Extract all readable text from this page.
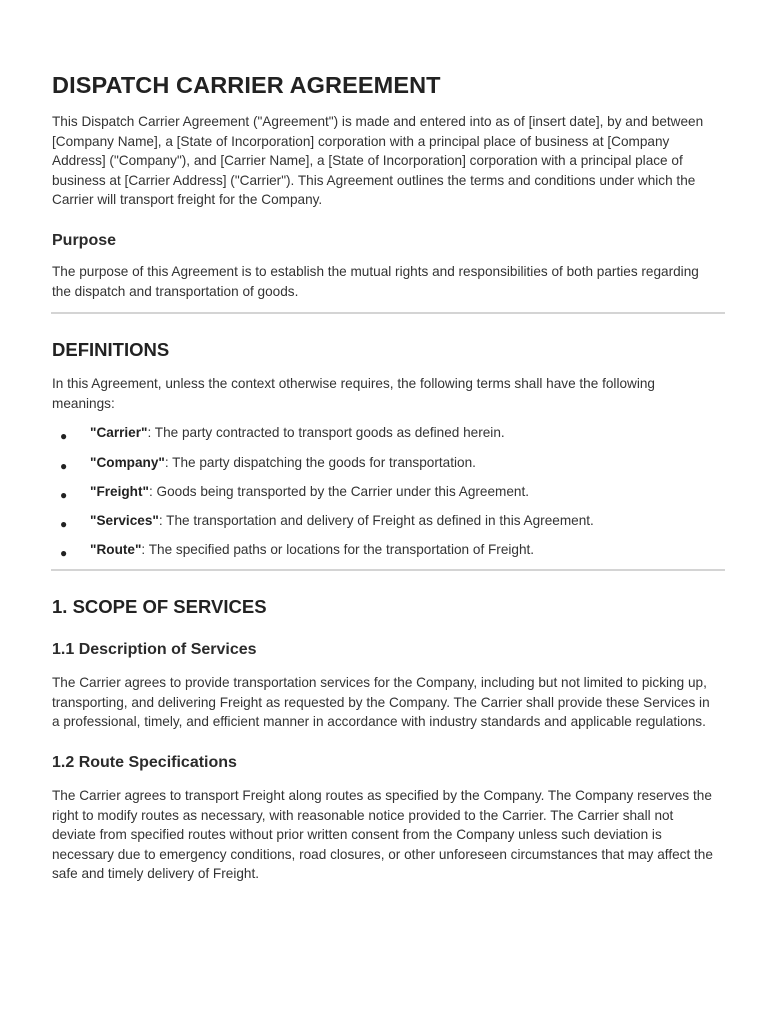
DISPATCH CARRIER AGREEMENT

This Dispatch Carrier Agreement ("Agreement") is made and entered into as of [insert date], by and between [Company Name], a [State of Incorporation] corporation with a principal place of business at [Company Address] ("Company"), and [Carrier Name], a [State of Incorporation] corporation with a principal place of business at [Carrier Address] ("Carrier"). This Agreement outlines the terms and conditions under which the Carrier will transport freight for the Company.

Purpose

The purpose of this Agreement is to establish the mutual rights and responsibilities of both parties regarding the dispatch and transportation of goods.

DEFINITIONS

In this Agreement, unless the context otherwise requires, the following terms shall have the following meanings:

● "Carrier": The party contracted to transport goods as defined herein.
● "Company": The party dispatching the goods for transportation.
● "Freight": Goods being transported by the Carrier under this Agreement.
● "Services": The transportation and delivery of Freight as defined in this Agreement.
● "Route": The specified paths or locations for the transportation of Freight.
1. SCOPE OF SERVICES
1.1 Description of Services

The Carrier agrees to provide transportation services for the Company, including but not limited to picking up, transporting, and delivering Freight as requested by the Company. The Carrier shall provide these Services in a professional, timely, and efficient manner in accordance with industry standards and applicable regulations.

1.2 Route Specifications

The Carrier agrees to transport Freight along routes as specified by the Company. The Company reserves the right to modify routes as necessary, with reasonable notice provided to the Carrier. The Carrier shall not deviate from specified routes without prior written consent from the Company unless such deviation is necessary due to emergency conditions, road closures, or other unforeseen circumstances that may affect the safe and timely delivery of Freight.
